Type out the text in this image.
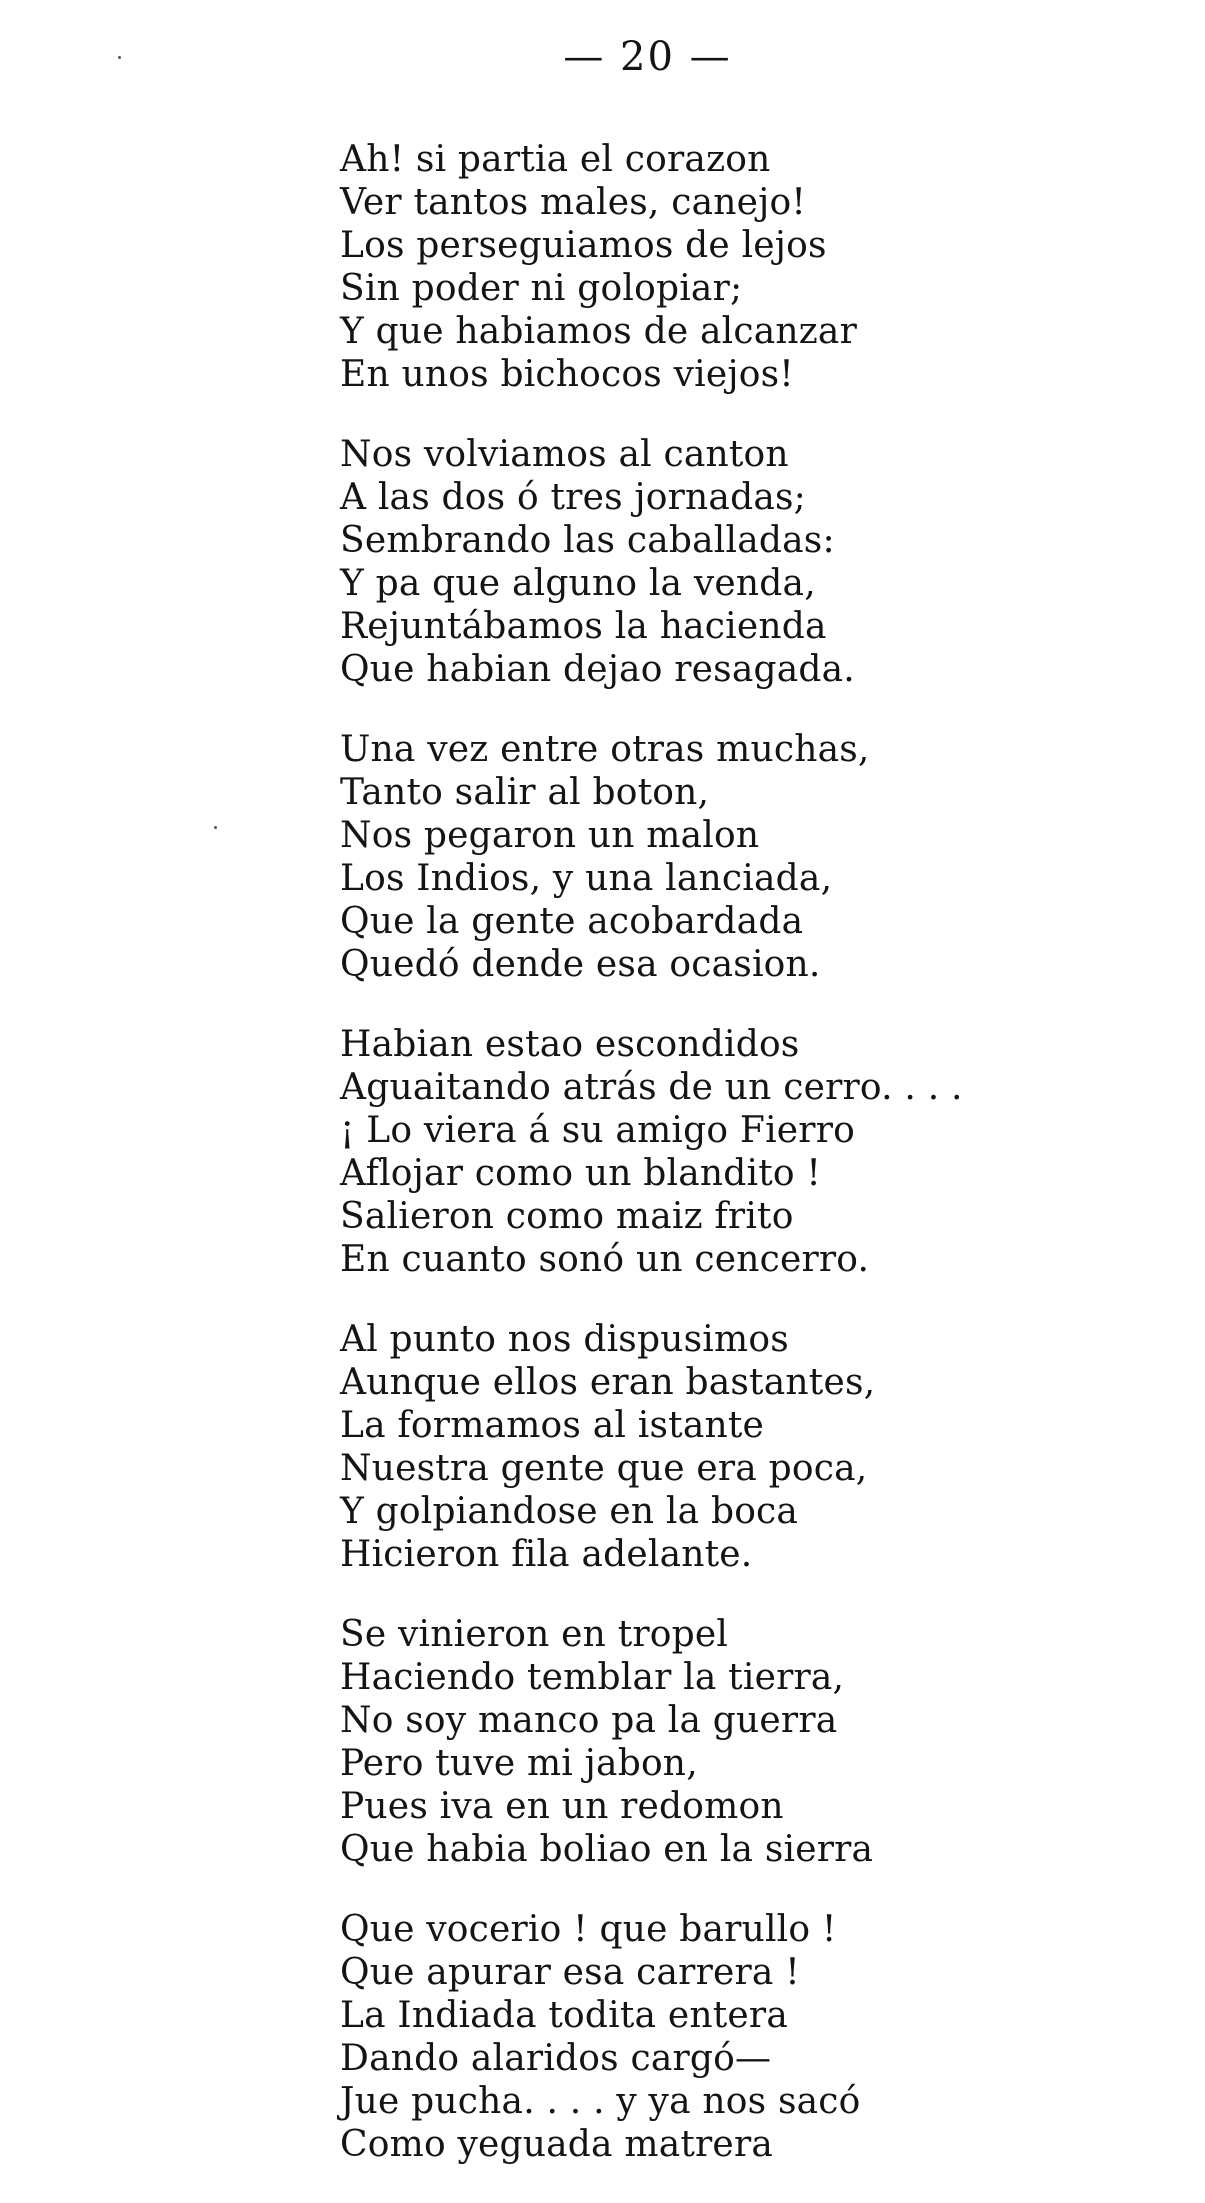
— 20 —
Ah! si partia el corazon
Ver tantos males, canejo!
Los perseguiamos de lejos
Sin poder ni golopiar;
Y que habiamos de alcanzar
En unos bichocos viejos!
Nos volviamos al canton
A las dos ó tres jornadas;
Sembrando las caballadas:
Y pa que alguno la venda,
Rejuntábamos la hacienda
Que habian dejao resagada.
Una vez entre otras muchas,
Tanto salir al boton,
Nos pegaron un malon
Los Indios, y una lanciada,
Que la gente acobardada
Quedó dende esa ocasion.
Habian estao escondidos
Aguaitando atrás de un cerro. . . .
¡ Lo viera á su amigo Fierro
Aflojar como un blandito !
Salieron como maiz frito
En cuanto sonó un cencerro.
Al punto nos dispusimos
Aunque ellos eran bastantes,
La formamos al istante
Nuestra gente que era poca,
Y golpiandose en la boca
Hicieron fila adelante.
Se vinieron en tropel
Haciendo temblar la tierra,
No soy manco pa la guerra
Pero tuve mi jabon,
Pues iva en un redomon
Que habia boliao en la sierra
Que vocerio ! que barullo !
Que apurar esa carrera !
La Indiada todita entera
Dando alaridos cargó—
Jue pucha. . . . y ya nos sacó
Como yeguada matrera
